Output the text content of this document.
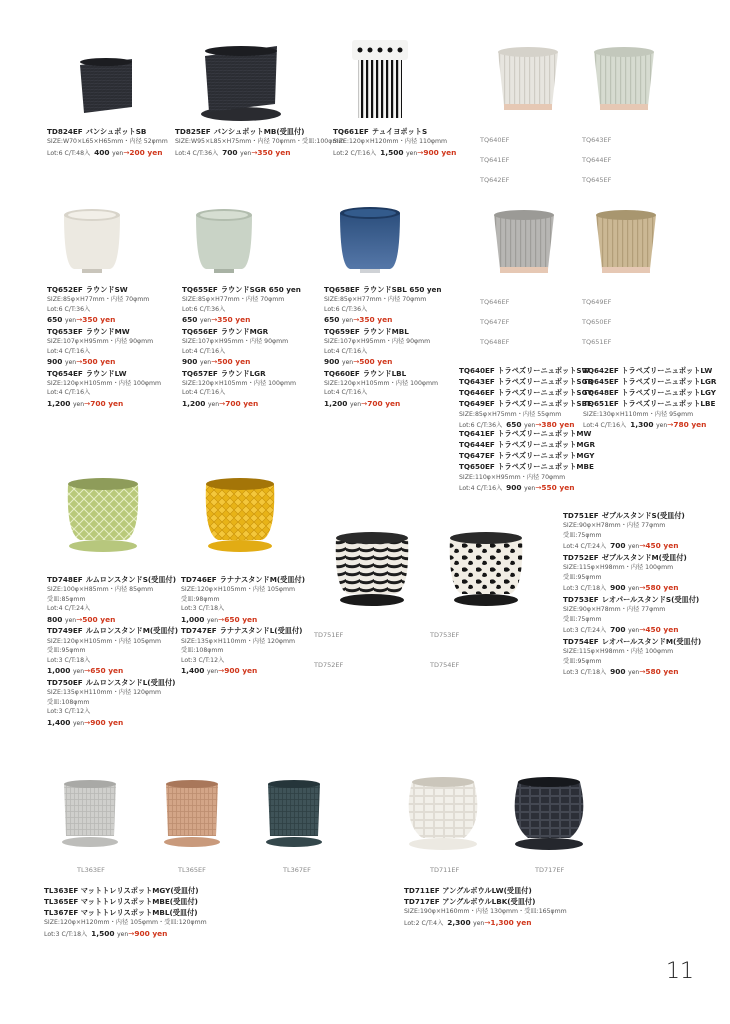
TD824EF バンシュポットSB
SIZE:W70×L65×H65mm・内径 52φmm
Lot:6 C/T:48入 400 yen→200 yen
TD825EF バンシュポットMB(受皿付)
SIZE:W95×L85×H75mm・内径 70φmm・受皿:100φmm
Lot:4 C/T:36入 700 yen→350 yen
TQ661EF テュイヨポットS
SIZE:120φ×H120mm・内径 110φmm
Lot:2 C/T:16入 1,500 yen→900 yen
TQ640EF
TQ641EF
TQ642EF
TQ643EF
TQ644EF
TQ645EF
TQ652EF ラウンドSW
SIZE:85φ×H77mm・内径 70φmm
Lot:6 C/T:36入
650 yen→350 yen
TQ653EF ラウンドMW
SIZE:107φ×H95mm・内径 90φmm
Lot:4 C/T:16入
900 yen→500 yen
TQ654EF ラウンドLW
SIZE:120φ×H105mm・内径 100φmm
Lot:4 C/T:16入
1,200 yen→700 yen
TQ655EF ラウンドSGR 650 yen
SIZE:85φ×H77mm・内径 70φmm
Lot:6 C/T:36入
650 yen→350 yen
TQ656EF ラウンドMGR
SIZE:107φ×H95mm・内径 90φmm
Lot:4 C/T:16入
900 yen→500 yen
TQ657EF ラウンドLGR
SIZE:120φ×H105mm・内径 100φmm
Lot:4 C/T:16入
1,200 yen→700 yen
TQ658EF ラウンドSBL 650 yen
SIZE:85φ×H77mm・内径 70φmm
Lot:6 C/T:36入
650 yen→350 yen
TQ659EF ラウンドMBL
SIZE:107φ×H95mm・内径 90φmm
Lot:4 C/T:16入
900 yen→500 yen
TQ660EF ラウンドLBL
SIZE:120φ×H105mm・内径 100φmm
Lot:4 C/T:16入
1,200 yen→700 yen
TQ646EF
TQ647EF
TQ648EF
TQ649EF
TQ650EF
TQ651EF
TQ640EF トラペズリーニュポットSW
TQ643EF トラペズリーニュポットSGR
TQ646EF トラペズリーニュポットSGY
TQ649EF トラペズリーニュポットSBE
SIZE:85φ×H75mm・内径 55φmm
Lot:6 C/T:36入 650 yen→380 yen
TQ642EF トラペズリーニュポットLW
TQ645EF トラペズリーニュポットLGR
TQ648EF トラペズリーニュポットLGY
TQ651EF トラペズリーニュポットLBE
SIZE:130φ×H110mm・内径 95φmm
Lot:4 C/T:16入 1,300 yen→780 yen
TQ641EF トラペズリーニュポットMW
TQ644EF トラペズリーニュポットMGR
TQ647EF トラペズリーニュポットMGY
TQ650EF トラペズリーニュポットMBE
SIZE:110φ×H95mm・内径 70φmm
Lot:4 C/T:16入 900 yen→550 yen
TD748EF ルムロンスタンドS(受皿付)
SIZE:100φ×H85mm・内径 85φmm
受皿:85φmm
Lot:4 C/T:24入
800 yen→500 yen
TD749EF ルムロンスタンドM(受皿付)
SIZE:120φ×H105mm・内径 105φmm
受皿:95φmm
Lot:3 C/T:18入
1,000 yen→650 yen
TD750EF ルムロンスタンドL(受皿付)
SIZE:135φ×H110mm・内径 120φmm
受皿:108φmm
Lot:3 C/T:12入
1,400 yen→900 yen
TD746EF ラナナスタンドM(受皿付)
SIZE:120φ×H105mm・内径 105φmm
受皿:98φmm
Lot:3 C/T:18入
1,000 yen→650 yen
TD747EF ラナナスタンドL(受皿付)
SIZE:135φ×H110mm・内径 120φmm
受皿:108φmm
Lot:3 C/T:12入
1,400 yen→900 yen
TD751EF
TD752EF
TD753EF
TD754EF
TD751EF ゼブルスタンドS(受皿付)
SIZE:90φ×H78mm・内径 77φmm
受皿:75φmm
Lot:4 C/T:24入 700 yen→450 yen
TD752EF ゼブルスタンドM(受皿付)
SIZE:115φ×H98mm・内径 100φmm
受皿:95φmm
Lot:3 C/T:18入 900 yen→580 yen
TD753EF レオパールスタンドS(受皿付)
SIZE:90φ×H78mm・内径 77φmm
受皿:75φmm
Lot:3 C/T:24入 700 yen→450 yen
TD754EF レオパールスタンドM(受皿付)
SIZE:115φ×H98mm・内径 100φmm
受皿:95φmm
Lot:3 C/T:18入 900 yen→580 yen
TL363EF	TL365EF	TL367EF	TD711EF	TD717EF
TL363EF マットトレリスポットMGY(受皿付)
TL365EF マットトレリスポットMBE(受皿付)
TL367EF マットトレリスポットMBL(受皿付)
SIZE:120φ×H120mm・内径 105φmm・受皿:120φmm
Lot:3 C/T:18入 1,500 yen→900 yen
TD711EF アングルボウルLW(受皿付)
TD717EF アングルボウルLBK(受皿付)
SIZE:190φ×H160mm・内径 130φmm・受皿:165φmm
Lot:2 C/T:4入 2,300 yen→1,300 yen
11
